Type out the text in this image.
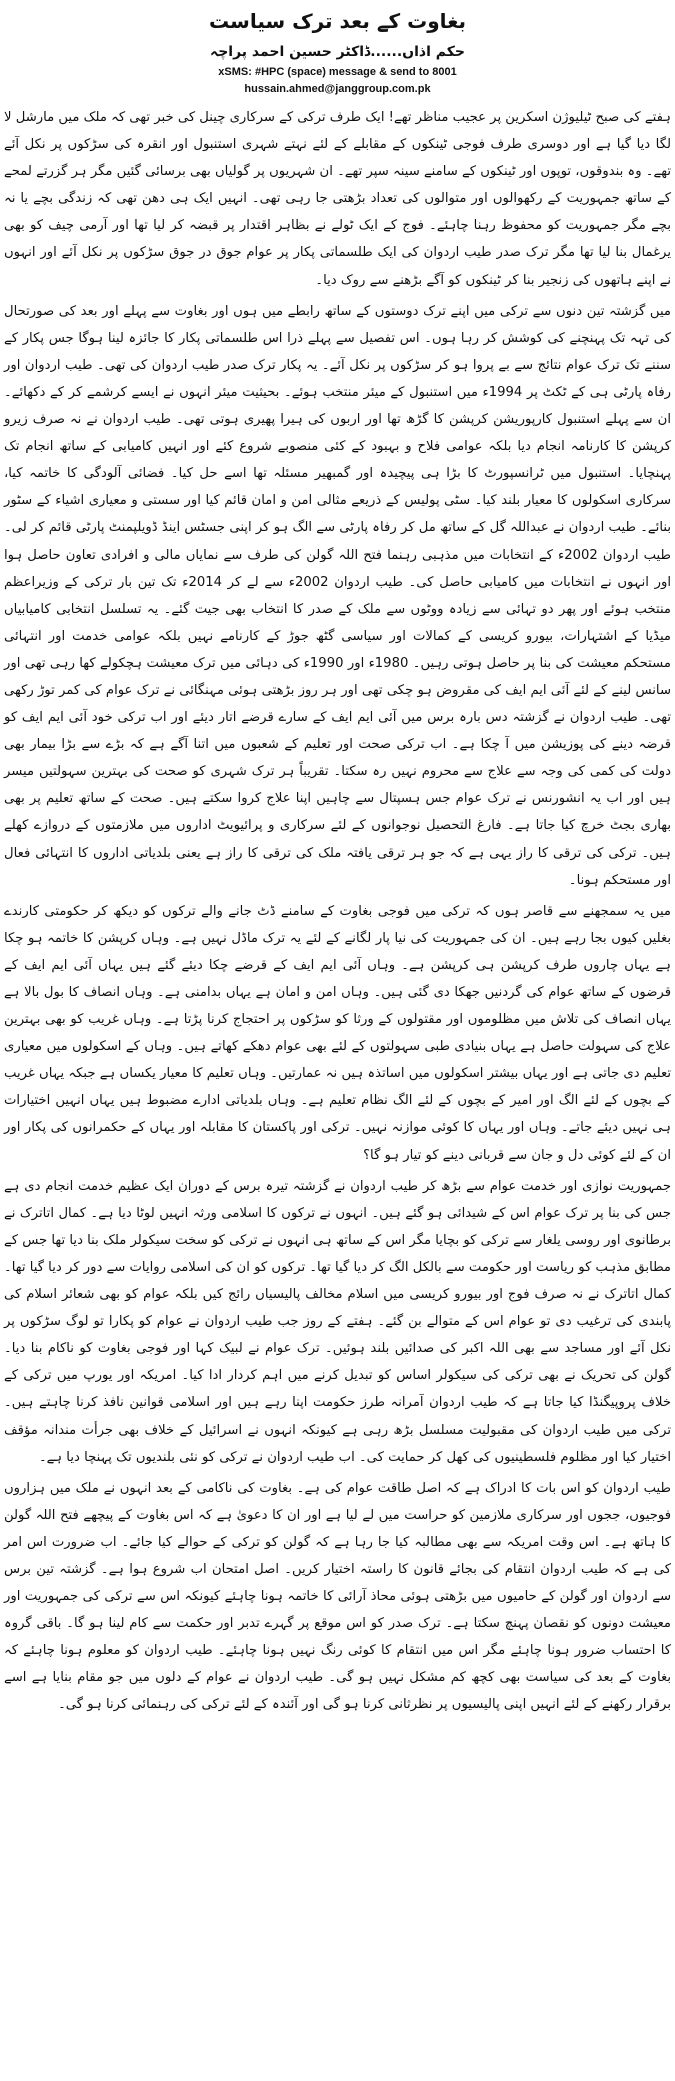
بغاوت کے بعد ترک سیاست

حکم اذاں......ڈاکٹر حسین احمد پراچہ

xSMS: #HPC (space) message & send to 8001

hussain.ahmed@janggroup.com.pk

ہفتے کی صبح ٹیلیوژن اسکرین پر عجیب مناظر تھے! ایک طرف ترکی کے سرکاری چینل کی خبر تھی کہ ملک میں مارشل لا لگا دیا گیا ہے اور دوسری طرف فوجی ٹینکوں کے مقابلے کے لئے نہتے شہری استنبول اور انقرہ کی سڑکوں پر نکل آئے تھے۔ وہ بندوقوں، توپوں اور ٹینکوں کے سامنے سینہ سپر تھے۔ ان شہریوں پر گولیاں بھی برسائی گئیں مگر ہر گزرتے لمحے کے ساتھ جمہوریت کے رکھوالوں اور متوالوں کی تعداد بڑھتی جا رہی تھی۔ انہیں ایک ہی دھن تھی کہ زندگی بچے یا نہ بچے مگر جمہوریت کو محفوظ رہنا چاہئے۔ فوج کے ایک ٹولے نے بظاہر اقتدار پر قبضہ کر لیا تھا اور آرمی چیف کو بھی یرغمال بنا لیا تھا مگر ترک صدر طیب اردوان کی ایک طلسماتی پکار پر عوام جوق در جوق سڑکوں پر نکل آئے اور انہوں نے اپنے ہاتھوں کی زنجیر بنا کر ٹینکوں کو آگے بڑھنے سے روک دیا۔

میں گزشتہ تین دنوں سے ترکی میں اپنے ترک دوستوں کے ساتھ رابطے میں ہوں اور بغاوت سے پہلے اور بعد کی صورتحال کی تہہ تک پہنچنے کی کوشش کر رہا ہوں۔ اس تفصیل سے پہلے ذرا اس طلسماتی پکار کا جائزہ لینا ہوگا جس پکار کے سننے تک ترک عوام نتائج سے بے پروا ہو کر سڑکوں پر نکل آئے۔ یہ پکار ترک صدر طیب اردوان کی تھی۔ طیب اردوان اور رفاہ پارٹی ہی کے ٹکٹ پر 1994ء میں استنبول کے میئر منتخب ہوئے۔ بحیثیت میئر انہوں نے ایسے کرشمے کر کے دکھائے۔ ان سے پہلے استنبول کارپوریشن کرپشن کا گڑھ تھا اور اربوں کی ہیرا پھیری ہوتی تھی۔ طیب اردوان نے نہ صرف زیرو کرپشن کا کارنامہ انجام دیا بلکہ عوامی فلاح و بہبود کے کئی منصوبے شروع کئے اور انہیں کامیابی کے ساتھ انجام تک پہنچایا۔ استنبول میں ٹرانسپورٹ کا بڑا ہی پیچیدہ اور گمبھیر مسئلہ تھا اسے حل کیا۔ فضائی آلودگی کا خاتمہ کیا، سرکاری اسکولوں کا معیار بلند کیا۔ سٹی پولیس کے ذریعے مثالی امن و امان قائم کیا اور سستی و معیاری اشیاء کے سٹور بنائے۔ طیب اردوان نے عبداللہ گل کے ساتھ مل کر رفاہ پارٹی سے الگ ہو کر اپنی جسٹس اینڈ ڈویلپمنٹ پارٹی قائم کر لی۔ طیب اردوان 2002ء کے انتخابات میں مذہبی رہنما فتح اللہ گولن کی طرف سے نمایاں مالی و افرادی تعاون حاصل ہوا اور انہوں نے انتخابات میں کامیابی حاصل کی۔ طیب اردوان 2002ء سے لے کر 2014ء تک تین بار ترکی کے وزیراعظم منتخب ہوئے اور پھر دو تہائی سے زیادہ ووٹوں سے ملک کے صدر کا انتخاب بھی جیت گئے۔ یہ تسلسل انتخابی کامیابیاں میڈیا کے اشتہارات، بیورو کریسی کے کمالات اور سیاسی گٹھ جوڑ کے کارنامے نہیں بلکہ عوامی خدمت اور انتہائی مستحکم معیشت کی بنا پر حاصل ہوتی رہیں۔ 1980ء اور 1990ء کی دہائی میں ترک معیشت ہچکولے کھا رہی تھی اور سانس لینے کے لئے آئی ایم ایف کی مقروض ہو چکی تھی اور ہر روز بڑھتی ہوئی مہنگائی نے ترک عوام کی کمر توڑ رکھی تھی۔ طیب اردوان نے گزشتہ دس بارہ برس میں آئی ایم ایف کے سارے قرضے اتار دیئے اور اب ترکی خود آئی ایم ایف کو قرضہ دینے کی پوزیشن میں آ چکا ہے۔ اب ترکی صحت اور تعلیم کے شعبوں میں اتنا آگے ہے کہ بڑے سے بڑا بیمار بھی دولت کی کمی کی وجہ سے علاج سے محروم نہیں رہ سکتا۔ تقریباً ہر ترک شہری کو صحت کی بہترین سہولتیں میسر ہیں اور اب یہ انشورنس نے ترک عوام جس ہسپتال سے چاہیں اپنا علاج کروا سکتے ہیں۔ صحت کے ساتھ تعلیم پر بھی بھاری بجٹ خرچ کیا جاتا ہے۔ فارغ التحصیل نوجوانوں کے لئے سرکاری و پرائیویٹ اداروں میں ملازمتوں کے دروازے کھلے ہیں۔ ترکی کی ترقی کا راز یہی ہے کہ جو ہر ترقی یافتہ ملک کی ترقی کا راز ہے یعنی بلدیاتی اداروں کا انتہائی فعال اور مستحکم ہونا۔

میں یہ سمجھنے سے قاصر ہوں کہ ترکی میں فوجی بغاوت کے سامنے ڈٹ جانے والے ترکوں کو دیکھ کر حکومتی کارندے بغلیں کیوں بجا رہے ہیں۔ ان کی جمہوریت کی نیا پار لگانے کے لئے یہ ترک ماڈل نہیں ہے۔ وہاں کرپشن کا خاتمہ ہو چکا ہے یہاں چاروں طرف کرپشن ہی کرپشن ہے۔ وہاں آئی ایم ایف کے قرضے چکا دیئے گئے ہیں یہاں آئی ایم ایف کے قرضوں کے ساتھ عوام کی گردنیں جھکا دی گئی ہیں۔ وہاں امن و امان ہے یہاں بدامنی ہے۔ وہاں انصاف کا بول بالا ہے یہاں انصاف کی تلاش میں مظلوموں اور مقتولوں کے ورثا کو سڑکوں پر احتجاج کرنا پڑتا ہے۔ وہاں غریب کو بھی بہترین علاج کی سہولت حاصل ہے یہاں بنیادی طبی سہولتوں کے لئے بھی عوام دھکے کھاتے ہیں۔ وہاں کے اسکولوں میں معیاری تعلیم دی جاتی ہے اور یہاں بیشتر اسکولوں میں اساتذہ ہیں نہ عمارتیں۔ وہاں تعلیم کا معیار یکساں ہے جبکہ یہاں غریب کے بچوں کے لئے الگ اور امیر کے بچوں کے لئے الگ نظام تعلیم ہے۔ وہاں بلدیاتی ادارے مضبوط ہیں یہاں انہیں اختیارات ہی نہیں دیئے جاتے۔ وہاں اور یہاں کا کوئی موازنہ نہیں۔ ترکی اور پاکستان کا مقابلہ اور یہاں کے حکمرانوں کی پکار اور ان کے لئے کوئی دل و جان سے قربانی دینے کو تیار ہو گا؟

جمہوریت نوازی اور خدمت عوام سے بڑھ کر طیب اردوان نے گزشتہ تیرہ برس کے دوران ایک عظیم خدمت انجام دی ہے جس کی بنا پر ترک عوام اس کے شیدائی ہو گئے ہیں۔ انہوں نے ترکوں کا اسلامی ورثہ انہیں لوٹا دیا ہے۔ کمال اتاترک نے برطانوی اور روسی یلغار سے ترکی کو بچایا مگر اس کے ساتھ ہی انہوں نے ترکی کو سخت سیکولر ملک بنا دیا تھا جس کے مطابق مذہب کو ریاست اور حکومت سے بالکل الگ کر دیا گیا تھا۔ ترکوں کو ان کی اسلامی روایات سے دور کر دیا گیا تھا۔ کمال اتاترک نے نہ صرف فوج اور بیورو کریسی میں اسلام مخالف پالیسیاں رائج کیں بلکہ عوام کو بھی شعائر اسلام کی پابندی کی ترغیب دی تو عوام اس کے متوالے بن گئے۔ ہفتے کے روز جب طیب اردوان نے عوام کو پکارا تو لوگ سڑکوں پر نکل آئے اور مساجد سے بھی اللہ اکبر کی صدائیں بلند ہوئیں۔ ترک عوام نے لبیک کہا اور فوجی بغاوت کو ناکام بنا دیا۔ گولن کی تحریک نے بھی ترکی کی سیکولر اساس کو تبدیل کرنے میں اہم کردار ادا کیا۔ امریکہ اور یورپ میں ترکی کے خلاف پروپیگنڈا کیا جاتا ہے کہ طیب اردوان آمرانہ طرز حکومت اپنا رہے ہیں اور اسلامی قوانین نافذ کرنا چاہتے ہیں۔ ترکی میں طیب اردوان کی مقبولیت مسلسل بڑھ رہی ہے کیونکہ انہوں نے اسرائیل کے خلاف بھی جرأت مندانہ مؤقف اختیار کیا اور مظلوم فلسطینیوں کی کھل کر حمایت کی۔ اب طیب اردوان نے ترکی کو نئی بلندیوں تک پہنچا دیا ہے۔

طیب اردوان کو اس بات کا ادراک ہے کہ اصل طاقت عوام کی ہے۔ بغاوت کی ناکامی کے بعد انہوں نے ملک میں ہزاروں فوجیوں، ججوں اور سرکاری ملازمین کو حراست میں لے لیا ہے اور ان کا دعویٰ ہے کہ اس بغاوت کے پیچھے فتح اللہ گولن کا ہاتھ ہے۔ اس وقت امریکہ سے بھی مطالبہ کیا جا رہا ہے کہ گولن کو ترکی کے حوالے کیا جائے۔ اب ضرورت اس امر کی ہے کہ طیب اردوان انتقام کی بجائے قانون کا راستہ اختیار کریں۔ اصل امتحان اب شروع ہوا ہے۔ گزشتہ تین برس سے اردوان اور گولن کے حامیوں میں بڑھتی ہوئی محاذ آرائی کا خاتمہ ہونا چاہئے کیونکہ اس سے ترکی کی جمہوریت اور معیشت دونوں کو نقصان پہنچ سکتا ہے۔ ترک صدر کو اس موقع پر گہرے تدبر اور حکمت سے کام لینا ہو گا۔ باقی گروہ کا احتساب ضرور ہونا چاہئے مگر اس میں انتقام کا کوئی رنگ نہیں ہونا چاہئے۔ طیب اردوان کو معلوم ہونا چاہئے کہ بغاوت کے بعد کی سیاست بھی کچھ کم مشکل نہیں ہو گی۔ طیب اردوان نے عوام کے دلوں میں جو مقام بنایا ہے اسے برقرار رکھنے کے لئے انہیں اپنی پالیسیوں پر نظرثانی کرنا ہو گی اور آئندہ کے لئے ترکی کی رہنمائی کرنا ہو گی۔
